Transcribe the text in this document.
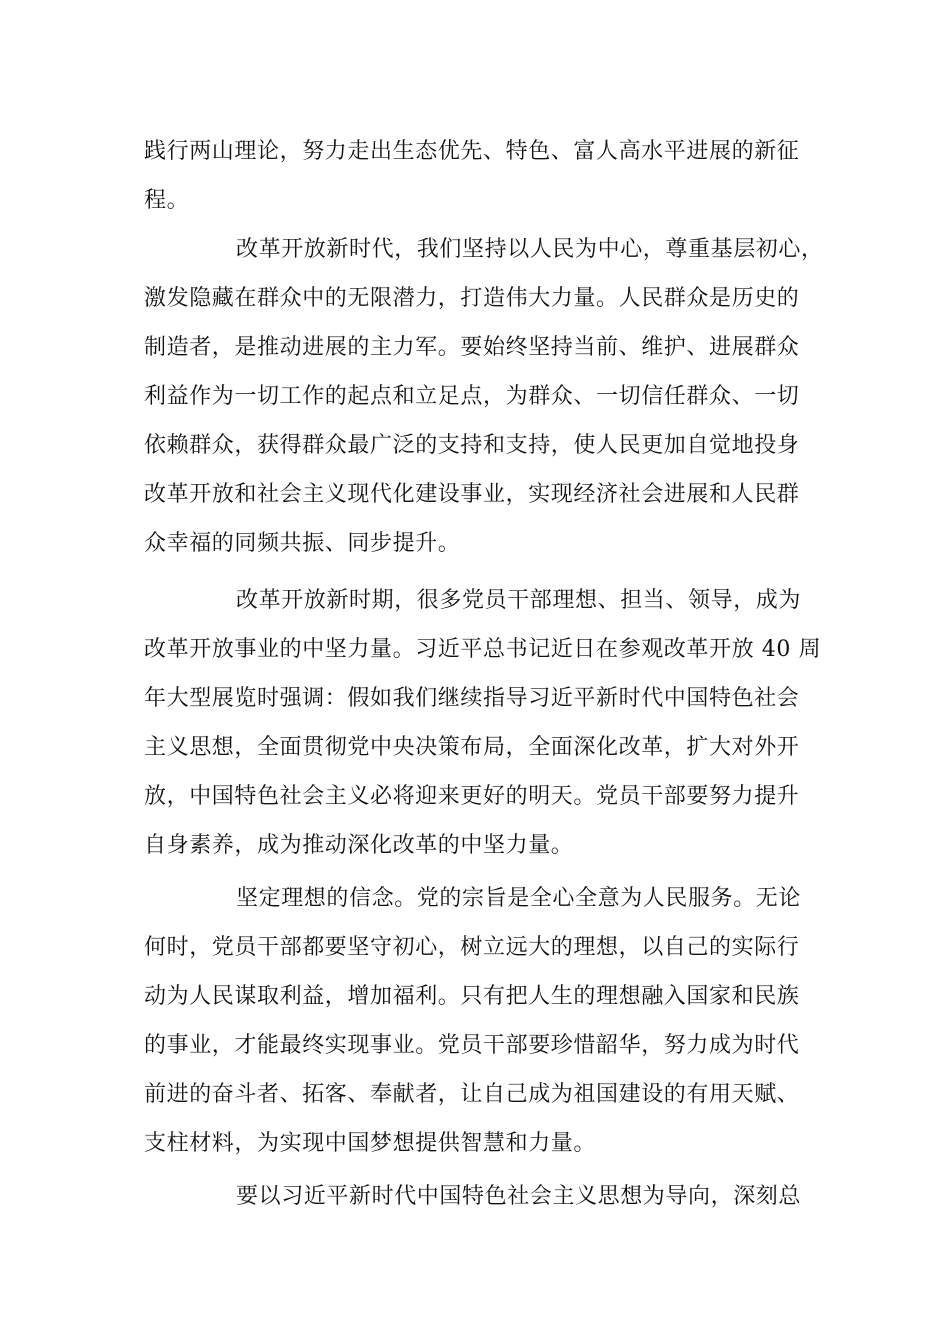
践行两山理论，努力走出生态优先、特色、富人高水平进展的新征
程。
改革开放新时代，我们坚持以人民为中心，尊重基层初心，
激发隐藏在群众中的无限潜力，打造伟大力量。人民群众是历史的
制造者，是推动进展的主力军。要始终坚持当前、维护、进展群众
利益作为一切工作的起点和立足点，为群众、一切信任群众、一切
依赖群众，获得群众最广泛的支持和支持，使人民更加自觉地投身
改革开放和社会主义现代化建设事业，实现经济社会进展和人民群
众幸福的同频共振、同步提升。
改革开放新时期，很多党员干部理想、担当、领导，成为
改革开放事业的中坚力量。习近平总书记近日在参观改革开放 40 周
年大型展览时强调：假如我们继续指导习近平新时代中国特色社会
主义思想，全面贯彻党中央决策布局，全面深化改革，扩大对外开
放，中国特色社会主义必将迎来更好的明天。党员干部要努力提升
自身素养，成为推动深化改革的中坚力量。
坚定理想的信念。党的宗旨是全心全意为人民服务。无论
何时，党员干部都要坚守初心，树立远大的理想，以自己的实际行
动为人民谋取利益，增加福利。只有把人生的理想融入国家和民族
的事业，才能最终实现事业。党员干部要珍惜韶华，努力成为时代
前进的奋斗者、拓客、奉献者，让自己成为祖国建设的有用天赋、
支柱材料，为实现中国梦想提供智慧和力量。
要以习近平新时代中国特色社会主义思想为导向，深刻总
